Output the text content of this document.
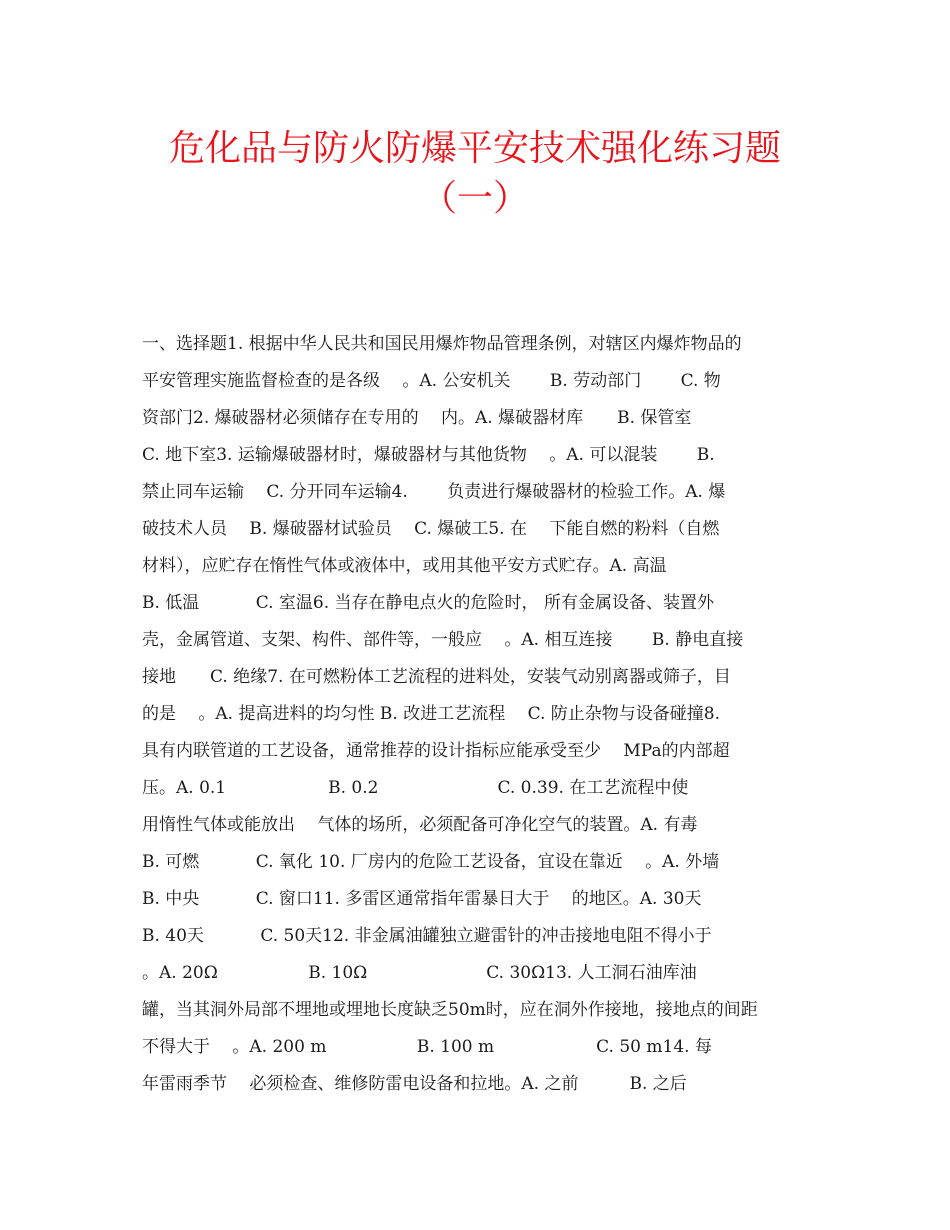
危化品与防火防爆平安技术强化练习题
（一）
一、选择题1. 根据中华人民共和国民用爆炸物品管理条例，对辖区内爆炸物品的
平安管理实施监督检查的是各级　 。A. 公安机关　　 B. 劳动部门　　 C. 物
资部门2. 爆破器材必须储存在专用的　 内。A. 爆破器材库　　B. 保管室
C. 地下室3. 运输爆破器材时，爆破器材与其他货物　 。A. 可以混装　　 B.
禁止同车运输　 C. 分开同车运输4.　　 负责进行爆破器材的检验工作。A. 爆
破技术人员　 B. 爆破器材试验员　 C. 爆破工5. 在　 下能自燃的粉料（自燃
材料），应贮存在惰性气体或液体中，或用其他平安方式贮存。A. 高温
B. 低温　　　 C. 室温6. 当存在静电点火的危险时， 所有金属设备、装置外
壳，金属管道、支架、构件、部件等，一般应　 。A. 相互连接　　 B. 静电直接
接地　　C. 绝缘7. 在可燃粉体工艺流程的进料处，安装气动别离器或筛子，目
的是　 。A. 提高进料的均匀性 B. 改进工艺流程　 C. 防止杂物与设备碰撞8.
具有内联管道的工艺设备，通常推荐的设计指标应能承受至少　 MPa的内部超
压。A. 0.1　　　　　　B. 0.2　　　　　　　C. 0.39. 在工艺流程中使
用惰性气体或能放出　 气体的场所，必须配备可净化空气的装置。A. 有毒
B. 可燃　　　 C. 氧化 10. 厂房内的危险工艺设备，宜设在靠近　 。A. 外墙
B. 中央　　　 C. 窗口11. 多雷区通常指年雷暴日大于　 的地区。A. 30天
B. 40天　　　 C. 50天12. 非金属油罐独立避雷针的冲击接地电阻不得小于
。A. 20Ω　　　　　 B. 10Ω　　　　　　　C. 30Ω13. 人工洞石油库油
罐，当其洞外局部不埋地或埋地长度缺乏50m时，应在洞外作接地，接地点的间距
不得大于　 。A. 200 m　　　　　 B. 100 m　　　　　　C. 50 m14. 每
年雷雨季节　 必须检查、维修防雷电设备和拉地。A. 之前　　　B. 之后
